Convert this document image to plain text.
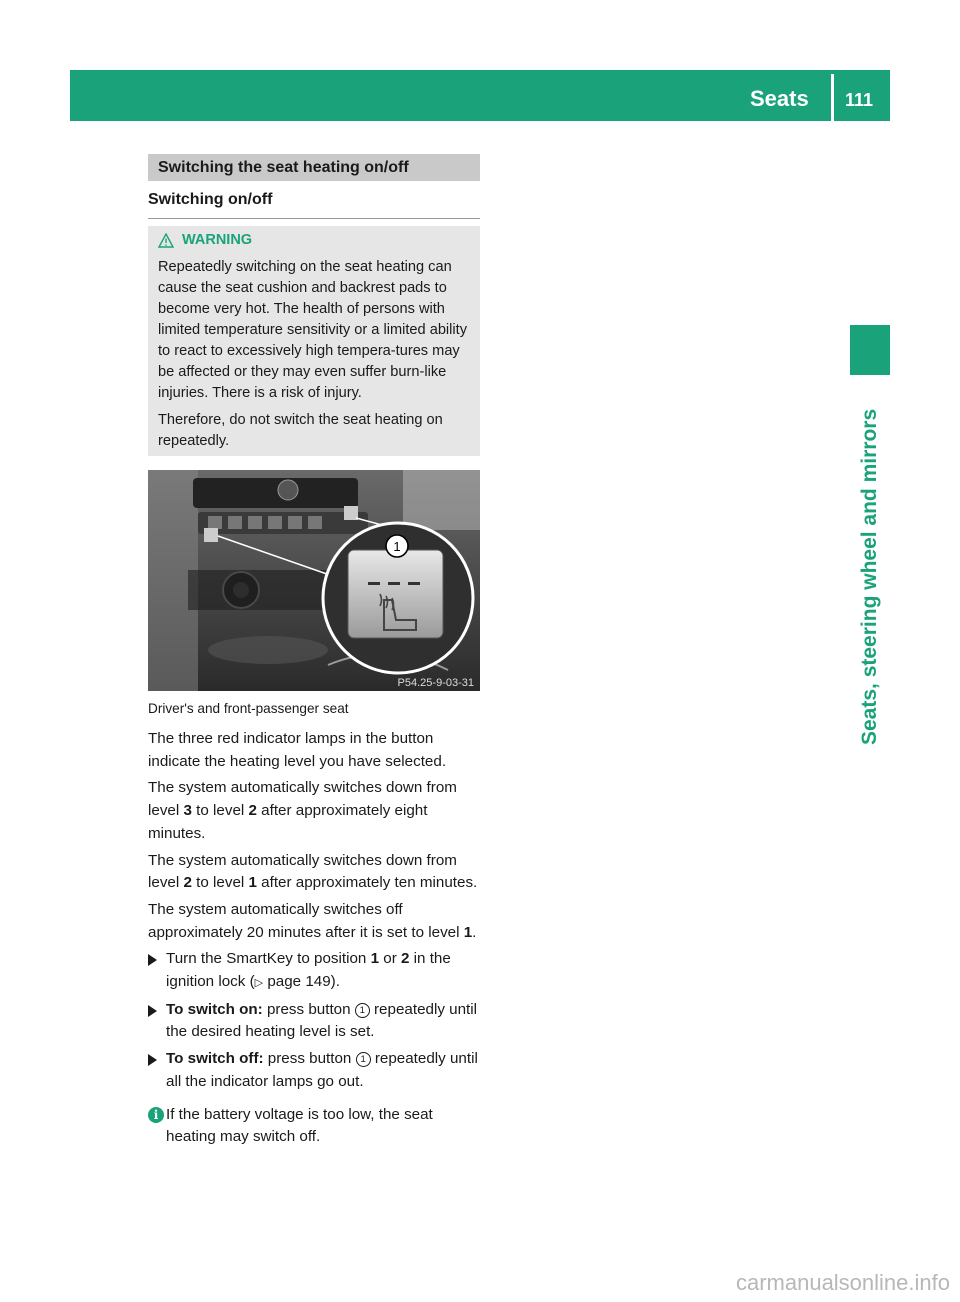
Seats	111
Seats, steering wheel and mirrors
Switching the seat heating on/off
Switching on/off
WARNING

Repeatedly switching on the seat heating can cause the seat cushion and backrest pads to become very hot. The health of persons with limited temperature sensitivity or a limited ability to react to excessively high tempera-tures may be affected or they may even suffer burn-like injuries. There is a risk of injury.

Therefore, do not switch the seat heating on repeatedly.

1
P54.25-9-03-31
Driver's and front-passenger seat

The three red indicator lamps in the button indicate the heating level you have selected.

The system automatically switches down from level 3 to level 2 after approximately eight minutes.

The system automatically switches down from level 2 to level 1 after approximately ten minutes.

The system automatically switches off approximately 20 minutes after it is set to level 1.

Turn the SmartKey to position 1 or 2 in the ignition lock (▷ page 149).
To switch on: press button 1 repeatedly until the desired heating level is set.
To switch off: press button 1 repeatedly until all the indicator lamps go out.
i If the battery voltage is too low, the seat heating may switch off.
carmanualsonline.info
